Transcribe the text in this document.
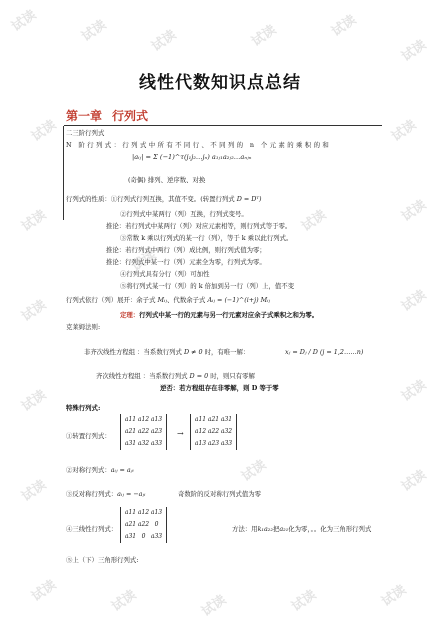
试读	试读	试读	试读	试读
试读
试读	试读
试读	试读
试读	试读
试读	试读
试读	试读
试读	试读	试读	试读	试读
试读
试读
试读
线性代数知识点总结
第一章 行列式
二三阶行列式
N 阶行列式：行列式中所有不同行、不同列的 n 个元素的乘积的和
|aᵢⱼ| = Σ (−1)^τ(j₁j₂…jₙ) a₁ⱼ₁a₂ⱼ₂…aₙⱼₙ
(奇偶) 排列、逆序数、对换
行列式的性质：①行列式行列互换，其值不变。(转置行列式 D = Dᵀ)
②行列式中某两行（列）互换，行列式变号。
推论：若行列式中某两行（列）对应元素相等，则行列式等于零。
③常数 k 乘以行列式的某一行（列），等于 k 乘以此行列式。
推论：若行列式中两行（列）成比例，则行列式值为零；
推论：行列式中某一行（列）元素全为零，行列式为零。
④行列式具有分行（列）可加性
⑤将行列式某一行（列）的 k 倍加到另一行（列）上，值不变
行列式依行（列）展开：余子式 Mᵢⱼ、代数余子式 Aᵢⱼ = (−1)^(i+j) Mᵢⱼ
定理：行列式中某一行的元素与另一行元素对应余子式乘积之和为零。
克莱姆法则:
非齐次线性方程组 ：当系数行列式 D ≠ 0 时，有唯一解：	xⱼ = Dⱼ / D (j = 1,2……n)
齐次线性方程组 ：当系数行列式 D = 0 时，则只有零解
逆否：若方程组存在非零解，则 D 等于零
特殊行列式:
①转置行列式：
a11 a12 a13
a21 a22 a23
a31 a32 a33
→
a11 a21 a31
a12 a22 a32
a13 a23 a33
②对称行列式：aᵢⱼ = aⱼᵢ
③反对称行列式：aᵢⱼ = −aⱼᵢ	奇数阶的反对称行列式值为零
④三线性行列式：
a11 a12 a13
a21 a22 0
a31 0 a33
方法：用k₁a₂₂把a₂₁化为零，。。化为三角形行列式
⑤上（下）三角形行列式:
